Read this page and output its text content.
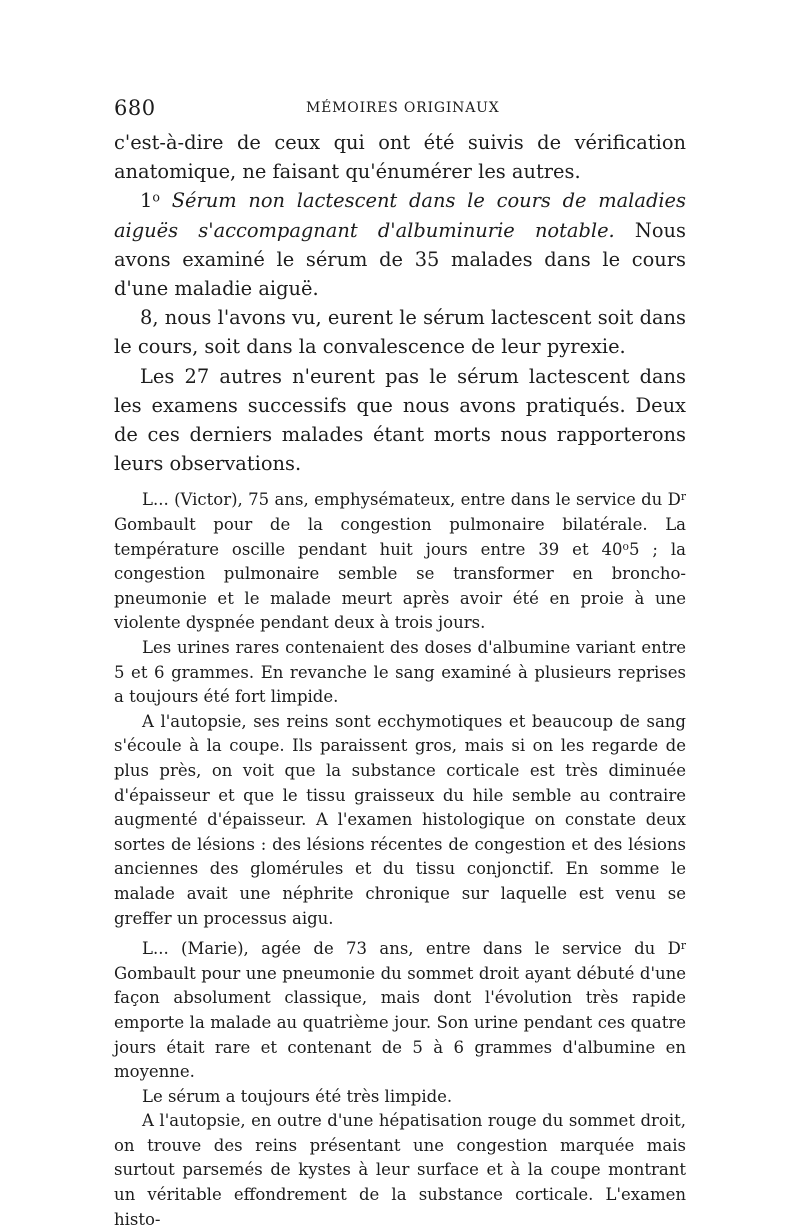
680	MÉMOIRES ORIGINAUX

c'est-à-dire de ceux qui ont été suivis de vérification anatomique, ne faisant qu'énumérer les autres.

1$^o$ Sérum non lactescent dans le cours de maladies aiguës s'accompagnant d'albuminurie notable. Nous avons examiné le sérum de 35 malades dans le cours d'une maladie aiguë.

8, nous l'avons vu, eurent le sérum lactescent soit dans le cours, soit dans la convalescence de leur pyrexie.

Les 27 autres n'eurent pas le sérum lactescent dans les examens successifs que nous avons pratiqués. Deux de ces derniers malades étant morts nous rapporterons leurs observations.

L... (Victor), 75 ans, emphysémateux, entre dans le service du $D^r$ Gombault pour de la congestion pulmonaire bilatérale. La température oscille pendant huit jours entre 39 et 40$^o$5 ; la congestion pulmonaire semble se transformer en broncho-pneumonie et le malade meurt après avoir été en proie à une violente dyspnée pendant deux à trois jours.

Les urines rares contenaient des doses d'albumine variant entre 5 et 6 grammes. En revanche le sang examiné à plusieurs reprises a toujours été fort limpide.

A l'autopsie, ses reins sont ecchymotiques et beaucoup de sang s'écoule à la coupe. Ils paraissent gros, mais si on les regarde de plus près, on voit que la substance corticale est très diminuée d'épaisseur et que le tissu graisseux du hile semble au contraire augmenté d'épaisseur. A l'examen histologique on constate deux sortes de lésions : des lésions récentes de congestion et des lésions anciennes des glomérules et du tissu conjonctif. En somme le malade avait une néphrite chronique sur laquelle est venu se greffer un processus aigu.

L... (Marie), agée de 73 ans, entre dans le service du $D^r$ Gombault pour une pneumonie du sommet droit ayant débuté d'une façon absolument classique, mais dont l'évolution très rapide emporte la malade au quatrième jour. Son urine pendant ces quatre jours était rare et contenant de 5 à 6 grammes d'albumine en moyenne.

Le sérum a toujours été très limpide.

A l'autopsie, en outre d'une hépatisation rouge du sommet droit, on trouve des reins présentant une congestion marquée mais surtout parsemés de kystes à leur surface et à la coupe montrant un véritable effondrement de la substance corticale. L'examen histo-
